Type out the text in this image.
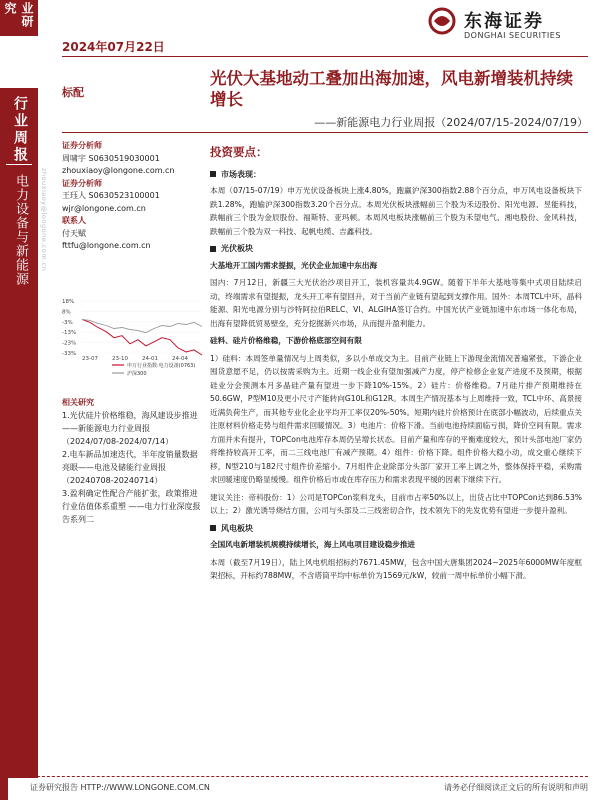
业研究
2024年07月22日
东海证券
DONGHAI SECURITIES
行业周报
电力设备与新能源
标配
光伏大基地动工叠加出海加速，风电新增装机持续增长
——新能源电力行业周报（2024/07/15-2024/07/19）
zhouxiaoy@longone.com.cn
证券分析师
周啸宇 S0630519030001
zhouxiaoy@longone.com.cn
证券分析师
王珏人 S0630523100001
wjr@longone.com.cn
联系人
付天赋
fttfu@longone.com.cn
18%
8%
-3%
-13%
-23%
-33%
23-07	23-10	24-01	24-04
申万行业指数:电力设备(0763)
沪深300
相关研究
1.光伏硅片价格维稳，海风建设步推进 ——新能源电力行业周报（2024/07/08-2024/07/14）
2.电车新品加速迭代，半年度销量数据亮眼——电池及储能行业周报（20240708-20240714）
3.盈利确定性配合产能扩张，政策推进行业估值体系重塑 ——电力行业深度报告系列二
投资要点：
市场表现：
本周（07/15-07/19）申万光伏设备板块上涨4.80%，跑赢沪深300指数2.88个百分点，申万风电设备板块下跌1.28%，跑输沪深300指数3.20个百分点。本周光伏板块涨幅前三个股为禾迈股份、阳光电源、昱能科技，跌幅前三个股为金辰股份、福斯特、亚玛顿。本周风电板块涨幅前三个股为禾望电气、湘电股份、金风科技，跌幅前三个股为双一科技、起帆电缆、吉鑫科技。
光伏板块
大基地开工国内需求提振，光伏企业加速中东出海
国内：7月12日，新疆三大光伏治沙项目开工，装机容量共4.9GW。随着下半年大基地等集中式项目陆续启动，终端需求有望提振，龙头开工率有望回升，对于当前产业链有望起到支撑作用。国外：本周TCL中环、晶科能源、阳光电源分别与沙特阿拉伯RELC、VI、ALGIHA签订合约。中国光伏产业链加速中东市场一体化布局，出海有望降低贸易壁垒，充分挖掘新兴市场，从而提升盈利能力。
硅料、硅片价格维稳，下游价格底部空间有限
1）硅料：本周签单量情况与上周类似，多以小单成交为主。目前产业链上下游现金流情况普遍紧张，下游企业囤货意愿不足，仍以按需采购为主。近期一线企业有望加强减产力度，停产检修企业复产进度不及预期，根据硅业分会预测本月多晶硅产量有望进一步下降10%-15%。2）硅片：价格维稳。7月硅片排产预期维持在50.6GW，P型M10及更小尺寸产能转向G10L和G12R。本周生产情况基本与上周维持一致，TCL中环、高景接近满负荷生产，而其他专业化企业平均开工率仅20%-50%。短期内硅片价格预计在底部小幅波动，后续重点关注原材料价格走势与组件需求回暖情况。3）电池片：价格下滑。当前电池持续面临亏损，降价空间有限。需求方面并未有提升，TOPCon电池库存本周仍呈增长状态。目前产量和库存的平衡难度较大，预计头部电池厂家仍将维持较高开工率，而二三线电池厂有减产预期。4）组件：价格下降。组件价格大稳小动，成交重心继续下移，N型210与182尺寸组件价差缩小。7月组件企业除部分头部厂家开工率上调之外，整体保持平稳，采购需求回暖速度仍略显缓慢。组件价格后市或在库存压力和需求表现平缓的因素下继续下行。
建议关注：帝科股份：1）公司是TOPCon浆料龙头，目前市占率50%以上，出货占比中TOPCon达到86.53%以上；2）激光诱导烧结方面，公司与头部及二三线密切合作，技术领先下的先发优势有望进一步提升盈利。
风电板块
全国风电新增装机规模持续增长，海上风电项目建设稳步推进
本周（截至7月19日），陆上风电机组招标约7671.45MW，包含中国大唐集团2024~2025年6000MW年度框架招标，开标约788MW，不含塔筒平均中标单价为1569元/kW，较前一周中标单价小幅下滑。
证券研究报告 HTTP://WWW.LONGONE.COM.CN	请务必仔细阅读正文后的所有说明和声明
